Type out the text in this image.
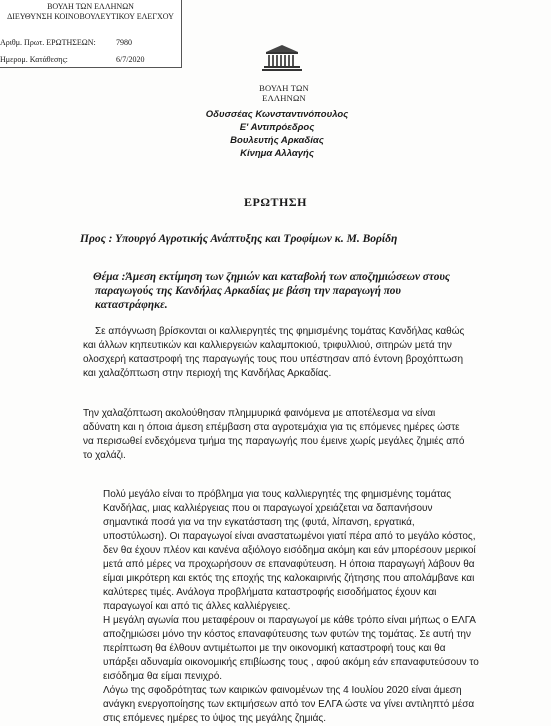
ΒΟΥΛΗ ΤΩΝ ΕΛΛΗΝΩΝ
ΔΙΕΥΘΥΝΣΗ ΚΟΙΝΟΒΟΥΛΕΥΤΙΚΟΥ ΕΛΕΓΧΟΥ
Αριθμ. Πρωτ. ΕΡΩΤΗΣΕΩΝ:	7980
Ημερομ. Κατάθεσης:	6/7/2020
ΒΟΥΛΗ ΤΩΝ ΕΛΛΗΝΩΝ
Οδυσσέας Κωνσταντινόπουλος
Ε' Αντιπρόεδρος
Βουλευτής Αρκαδίας
Κίνημα Αλλαγής
ΕΡΩΤΗΣΗ
Προς : Υπουργό Αγροτικής Ανάπτυξης και Τροφίμων κ. Μ. Βορίδη
Θέμα :Άμεση εκτίμηση των ζημιών και καταβολή των αποζημιώσεων στους
παραγωγούς της Κανδήλας Αρκαδίας με βάση την παραγωγή που
καταστράφηκε.
Σε απόγνωση βρίσκονται οι καλλιεργητές της φημισμένης τομάτας Κανδήλας καθώς
και άλλων κηπευτικών και καλλιεργειών καλαμποκιού, τριφυλλιού, σιτηρών μετά την
ολοσχερή καταστροφή της παραγωγής τους που υπέστησαν από έντονη βροχόπτωση
και χαλαζόπτωση στην περιοχή της Κανδήλας Αρκαδίας.
Την χαλαζόπτωση ακολούθησαν πλημμυρικά φαινόμενα με αποτέλεσμα να είναι
αδύνατη και η όποια άμεση επέμβαση στα αγροτεμάχια για τις επόμενες ημέρες ώστε
να περισωθεί ενδεχόμενα τμήμα της παραγωγής που έμεινε χωρίς μεγάλες ζημιές από
το χαλάζι.
Πολύ μεγάλο είναι το πρόβλημα για τους καλλιεργητές της φημισμένης τομάτας
Κανδήλας, μιας καλλιέργειας που οι παραγωγοί χρειάζεται να δαπανήσουν
σημαντικά ποσά για να την εγκατάσταση της (φυτά, λίπανση, εργατικά,
υποστύλωση). Οι παραγωγοί είναι αναστατωμένοι γιατί πέρα από το μεγάλο κόστος,
δεν θα έχουν πλέον και κανένα αξιόλογο εισόδημα ακόμη και εάν μπορέσουν μερικοί
μετά από μέρες να προχωρήσουν σε επαναφύτευση. Η όποια παραγωγή λάβουν θα
είμαι μικρότερη και εκτός της εποχής της καλοκαιρινής ζήτησης που απολάμβανε και
καλύτερες τιμές. Ανάλογα προβλήματα καταστροφής εισοδήματος έχουν και
παραγωγοί και από τις άλλες καλλιέργειες.
Η μεγάλη αγωνία που μεταφέρουν οι παραγωγοί με κάθε τρόπο είναι μήπως ο ΕΛΓΑ
αποζημιώσει μόνο την κόστος επαναφύτευσης των φυτών της τομάτας. Σε αυτή την
περίπτωση θα έλθουν αντιμέτωποι με την οικονομική καταστροφή τους και θα
υπάρξει αδυναμία οικονομικής επιβίωσης τους , αφού ακόμη εάν επαναφυτεύσουν το
εισόδημα θα είμαι πενιχρό.
Λόγω της σφοδρότητας των καιρικών φαινομένων της 4 Ιουλίου 2020 είναι άμεση
ανάγκη ενεργοποίησης των εκτιμήσεων από τον ΕΛΓΑ ώστε να γίνει αντιληπτό μέσα
στις επόμενες ημέρες το ύψος της μεγάλης ζημιάς.
